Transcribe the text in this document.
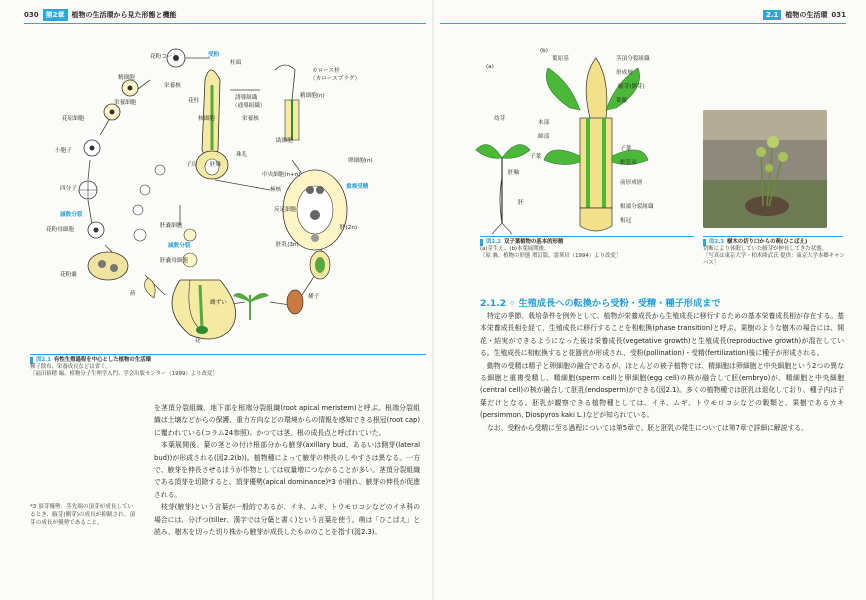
030	第2章	植物の生活環から見た形態と機能	2.1	植物の生活環 031
花粉コート	受粉
柱頭
精細胞
栄養核
カロース栓
（カロースプラグ）
精細胞(n)
栄養細胞
誘導組織
（通導組織）
花柱
栄養核
花原細胞	核細胞
小胞子
助細胞
卵細胞(n)
子房 胚珠
珠孔
中央細胞(n+n)
重複受精
四分子	極核
減数分裂
反足細胞
花粉母細胞
胚嚢細胞	胚(2n)
減数分裂	胚乳(3n)
花粉嚢
胚嚢母細胞
葯	種子
雌ずい
花
図2.1 有性生殖過程を中心とした植物の生活環
種子散布、栄養成長などは省く。
［福田裕穂 編、植物分子生理学入門、学会出版センター（1999）より改変］

を茎頂分裂組織、地下部を根端分裂組織(root apical meristem)と呼ぶ。根端分裂組織は土壌などからの保護、重力方向などの環境からの情報を感知できる根冠(root cap)に覆われている(コラム24参照)。かつては茎、根の成長点と呼ばれていた。

本葉展開後、葉の茎との付け根部分から腋芽(axillary bud、あるいは側芽(lateral bud))が形成される(図2.2(b))。植物種によって腋芽の伸長のしやすさは異なる。一方で、腋芽を伸長させるほうが作物としては収量増につながることが多い。茎頂分裂組織である頂芽を切除すると、頂芽優勢(apical dominance)*3 が崩れ、腋芽の伸長が促進される。

枝芽(腋芽)という言葉が一般的であるが、イネ、ムギ、トウモロコシなどのイネ科の場合には、分げつ(tiller、漢字では分蘖と書く)という言葉を使う。萌は「ひこばえ」と読み、樹木を切った切り株から腋芽が成長したもののことを指す(図2.3)。

*3 頂芽優勢：茎先端の頂芽が成長しているとき、腋芽(側芽)の成長が抑制され、頂芽の成長が優勢であること。
(a)
(b)
葉原基	茎頂分裂組織
形成層
腋芽(側芽)
葉腋
木部
師部
幼芽
子葉
子葉
胚軸
維管束
胚
前形成層
根端分裂組織
根冠
図2.2 双子葉植物の基本的形態
(a)芽生え、(b)本葉展開後。
［原 襄、植物の形態 増訂版、裳華房（1994）より改変］
図2.3 樹木の切り口からの萌(ひこばえ)
切断により休眠していた腋芽が伸長してきた状態。
［写真は東京大学・柏木隆武氏 提供：東京大学本郷キャンパス］
2.1.2 ◦ 生殖成長への転換から受粉・受精・種子形成まで

特定の季節、栽培条件を例外として、植物が栄養成長から生殖成長に移行するための基本栄養成長相が存在する。基本栄養成長相を経て、生殖成長に移行することを相転換(phase transition)と呼ぶ。果樹のような樹木の場合には、開花・結実ができるようになった後は栄養成長(vegetative growth)と生殖成長(reproductive growth)が混在している。生殖成長に相転換すると花器官が形成され、受粉(pollination)・受精(fertilization)後に種子が形成される。

動物の受精は精子と卵細胞の融合であるが、ほとんどの被子植物では、精細胞は卵細胞と中央細胞という2つの異なる細胞と重複受精し、精細胞(sperm cell)と卵細胞(egg cell)の核が融合して胚(embryo)が、精細胞と中央細胞(central cell)の核が融合して胚乳(endosperm)ができる(図2.1)。多くの植物種では胚乳は退化しており、種子内は子葉だけとなる。胚乳が観察できる植物種としては、イネ、ムギ、トウモロコシなどの穀類と、果樹であるカキ(persimmon, Diospyros kaki L.)などが知られている。

なお、受粉から受精に至る過程については第5章で、胚と胚乳の発生については第7章で詳細に解説する。
